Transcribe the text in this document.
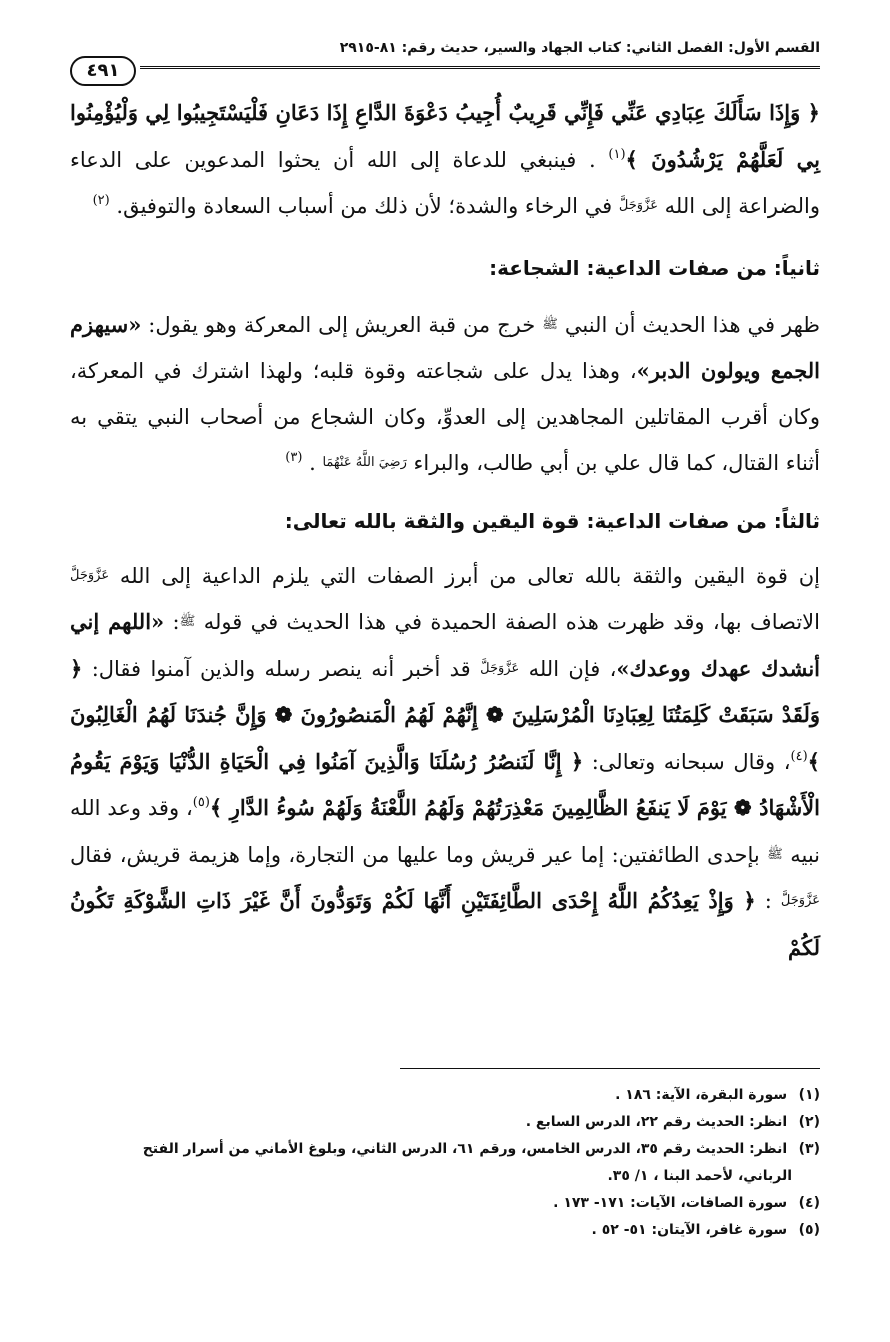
القسم الأول: الفصل الثاني: كتاب الجهاد والسير، حديث رقم: ٨١-٢٩١٥
٤٩١

﴿ وَإِذَا سَأَلَكَ عِبَادِي عَنِّي فَإِنِّي قَرِيبٌ أُجِيبُ دَعْوَةَ الدَّاعِ إِذَا دَعَانِ فَلْيَسْتَجِيبُوا لِي وَلْيُؤْمِنُوا بِي لَعَلَّهُمْ يَرْشُدُونَ ﴾$^{(١)}$ . فينبغي للدعاة إلى الله أن يحثوا المدعوين على الدعاء والضراعة إلى الله عَزَّوَجَلَّ في الرخاء والشدة؛ لأن ذلك من أسباب السعادة والتوفيق. $^{(٢)}$

ثانياً: من صفات الداعية: الشجاعة:

ظهر في هذا الحديث أن النبي ﷺ خرج من قبة العريش إلى المعركة وهو يقول: «سيهزم الجمع ويولون الدبر»، وهذا يدل على شجاعته وقوة قلبه؛ ولهذا اشترك في المعركة، وكان أقرب المقاتلين المجاهدين إلى العدوِّ، وكان الشجاع من أصحاب النبي يتقي به أثناء القتال، كما قال علي بن أبي طالب، والبراء رَضِيَ اللَّهُ عَنْهُمَا . $^{(٣)}$

ثالثاً: من صفات الداعية: قوة اليقين والثقة بالله تعالى:

إن قوة اليقين والثقة بالله تعالى من أبرز الصفات التي يلزم الداعية إلى الله عَزَّوَجَلَّ الاتصاف بها، وقد ظهرت هذه الصفة الحميدة في هذا الحديث في قوله ﷺ: «اللهم إني أنشدك عهدك ووعدك»، فإن الله عَزَّوَجَلَّ قد أخبر أنه ينصر رسله والذين آمنوا فقال: ﴿ وَلَقَدْ سَبَقَتْ كَلِمَتُنَا لِعِبَادِنَا الْمُرْسَلِينَ ❁ إِنَّهُمْ لَهُمُ الْمَنصُورُونَ ❁ وَإِنَّ جُندَنَا لَهُمُ الْغَالِبُونَ ﴾$^{(٤)}$، وقال سبحانه وتعالى: ﴿ إِنَّا لَنَنصُرُ رُسُلَنَا وَالَّذِينَ آمَنُوا فِي الْحَيَاةِ الدُّنْيَا وَيَوْمَ يَقُومُ الْأَشْهَادُ ❁ يَوْمَ لَا يَنفَعُ الظَّالِمِينَ مَعْذِرَتُهُمْ وَلَهُمُ اللَّعْنَةُ وَلَهُمْ سُوءُ الدَّارِ ﴾$^{(٥)}$، وقد وعد الله نبيه ﷺ بإحدى الطائفتين: إما عير قريش وما عليها من التجارة، وإما هزيمة قريش، فقال عَزَّوَجَلَّ : ﴿ وَإِذْ يَعِدُكُمُ اللَّهُ إِحْدَى الطَّائِفَتَيْنِ أَنَّهَا لَكُمْ وَتَوَدُّونَ أَنَّ غَيْرَ ذَاتِ الشَّوْكَةِ تَكُونُ لَكُمْ

(١) سورة البقرة، الآية: ١٨٦ .

(٢) انظر: الحديث رقم ٢٢، الدرس السابع .

(٣) انظر: الحديث رقم ٣٥، الدرس الخامس، ورقم ٦١، الدرس الثاني، وبلوغ الأماني من أسرار الفتح

الرباني، لأحمد البنا ، ١/ ٣٥.

(٤) سورة الصافات، الآيات: ١٧١- ١٧٣ .

(٥) سورة غافر، الآيتان: ٥١- ٥٢ .
